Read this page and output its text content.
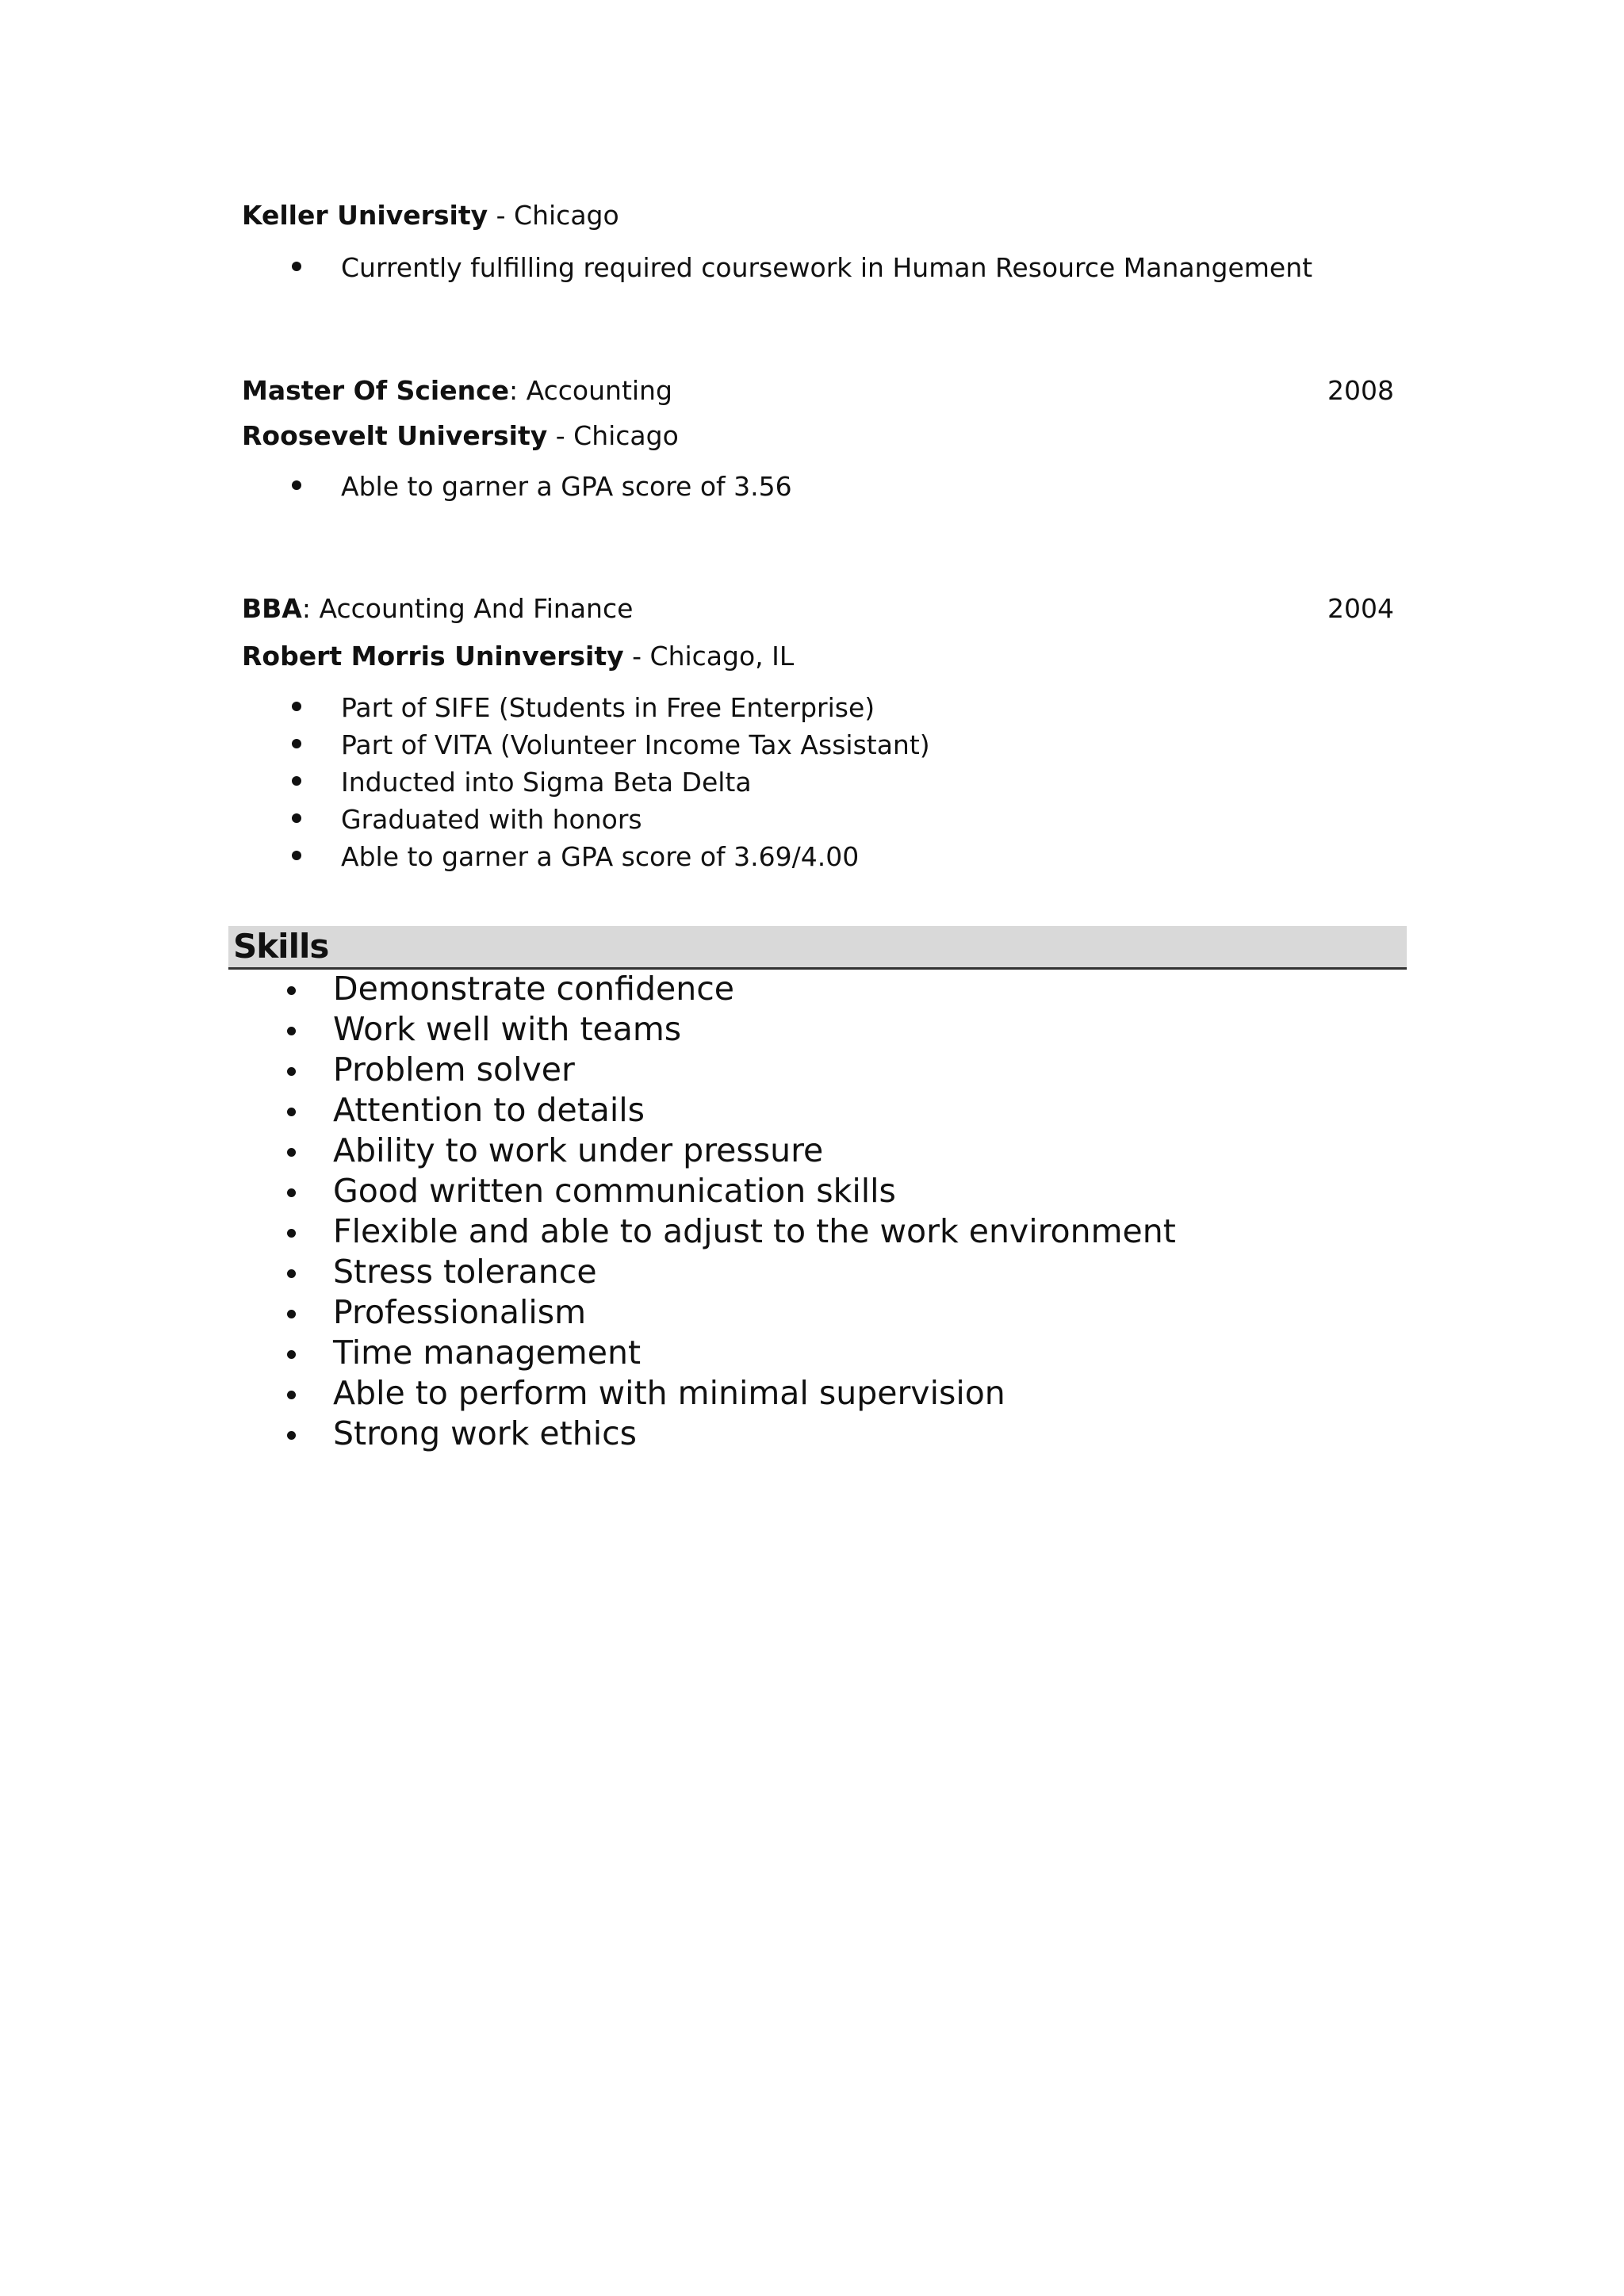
Keller University - Chicago
Currently fulfilling required coursework in Human Resource Manangement
Master Of Science: Accounting	2008
Roosevelt University - Chicago
Able to garner a GPA score of 3.56
BBA: Accounting And Finance	2004
Robert Morris Uninversity - Chicago, IL
Part of SIFE (Students in Free Enterprise)
Part of VITA (Volunteer Income Tax Assistant)
Inducted into Sigma Beta Delta
Graduated with honors
Able to garner a GPA score of 3.69/4.00
Skills
Demonstrate confidence
Work well with teams
Problem solver
Attention to details
Ability to work under pressure
Good written communication skills
Flexible and able to adjust to the work environment
Stress tolerance
Professionalism
Time management
Able to perform with minimal supervision
Strong work ethics
